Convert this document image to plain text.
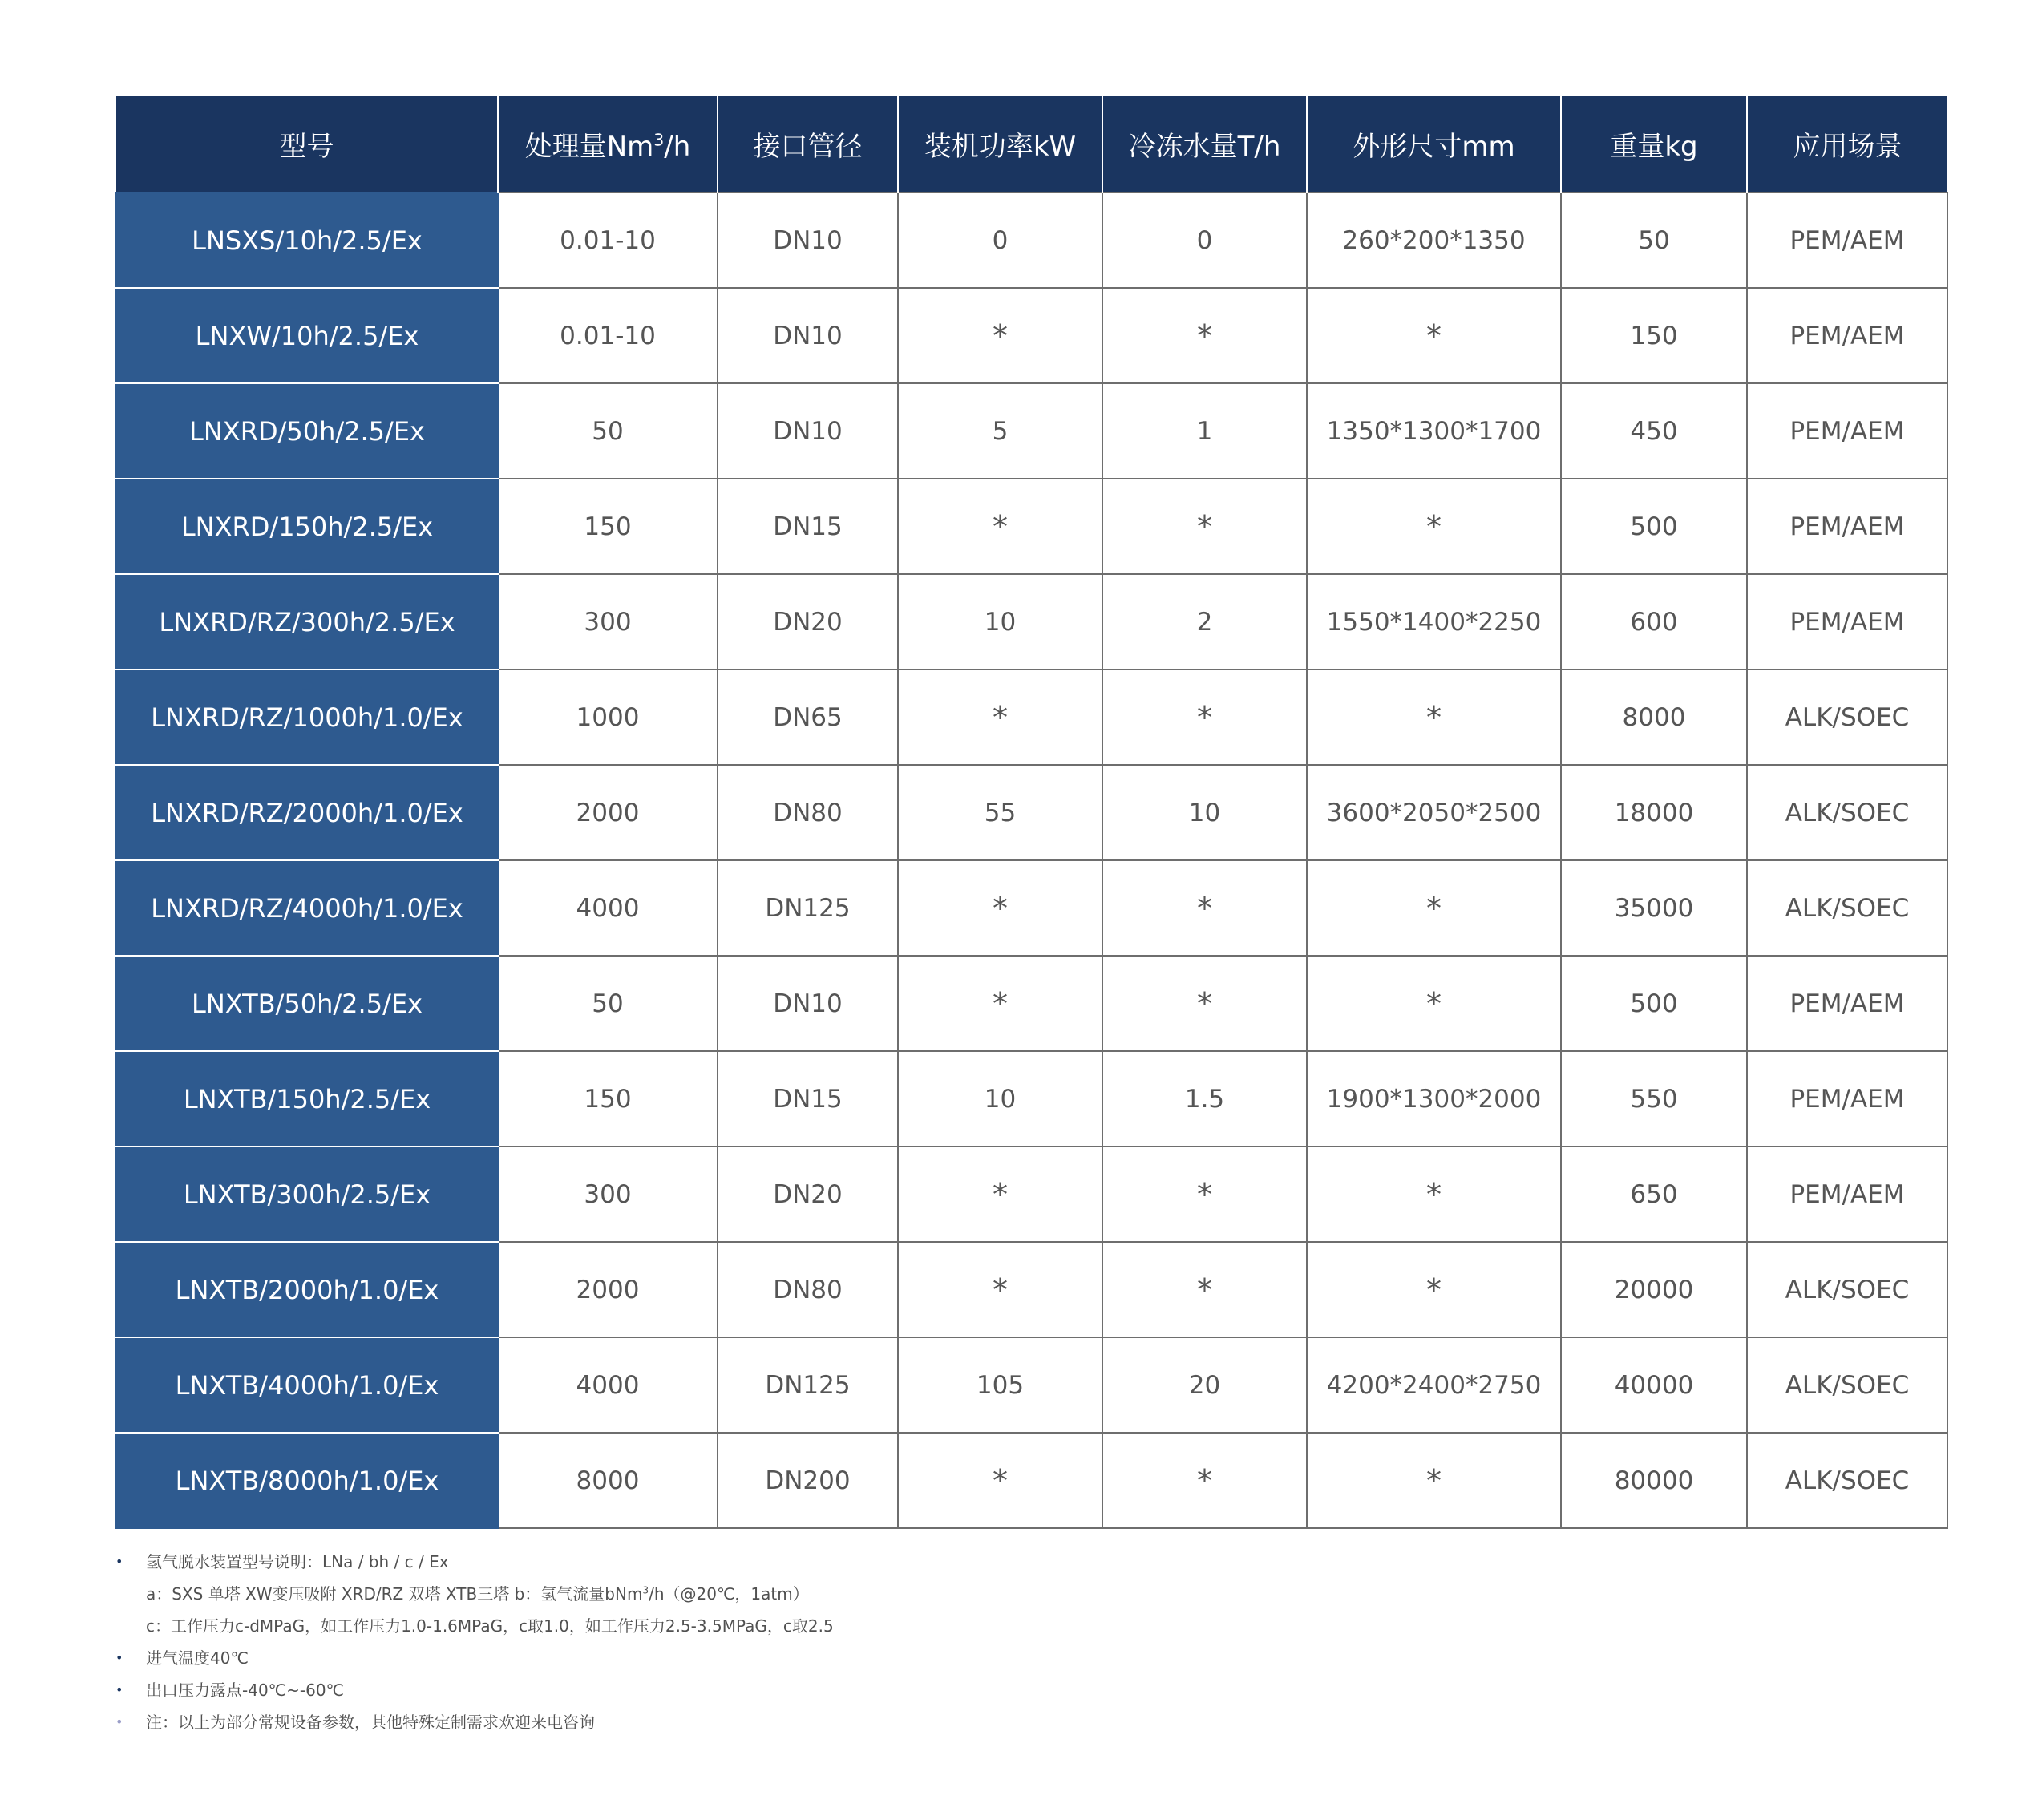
型号	处理量Nm$^3$/h	接口管径	装机功率kW	冷冻水量T/h	外形尺寸mm	重量kg	应用场景
LNSXS/10h/2.5/Ex	0.01-10	DN10	0	0	260*200*1350	50	PEM/AEM
LNXW/10h/2.5/Ex	0.01-10	DN10	*	*	*	150	PEM/AEM
LNXRD/50h/2.5/Ex	50	DN10	5	1	1350*1300*1700	450	PEM/AEM
LNXRD/150h/2.5/Ex	150	DN15	*	*	*	500	PEM/AEM
LNXRD/RZ/300h/2.5/Ex	300	DN20	10	2	1550*1400*2250	600	PEM/AEM
LNXRD/RZ/1000h/1.0/Ex	1000	DN65	*	*	*	8000	ALK/SOEC
LNXRD/RZ/2000h/1.0/Ex	2000	DN80	55	10	3600*2050*2500	18000	ALK/SOEC
LNXRD/RZ/4000h/1.0/Ex	4000	DN125	*	*	*	35000	ALK/SOEC
LNXTB/50h/2.5/Ex	50	DN10	*	*	*	500	PEM/AEM
LNXTB/150h/2.5/Ex	150	DN15	10	1.5	1900*1300*2000	550	PEM/AEM
LNXTB/300h/2.5/Ex	300	DN20	*	*	*	650	PEM/AEM
LNXTB/2000h/1.0/Ex	2000	DN80	*	*	*	20000	ALK/SOEC
LNXTB/4000h/1.0/Ex	4000	DN125	105	20	4200*2400*2750	40000	ALK/SOEC
LNXTB/8000h/1.0/Ex	8000	DN200	*	*	*	80000	ALK/SOEC
•	氢气脱水装置型号说明：LNa / bh / c / Ex
a：SXS 单塔 XW变压吸附 XRD/RZ 双塔 XTB三塔 b：氢气流量bNm$^3$/h（@20℃，1atm）
c：工作压力c-dMPaG，如工作压力1.0-1.6MPaG，c取1.0，如工作压力2.5-3.5MPaG，c取2.5
•	进气温度40℃
•	出口压力露点-40℃~-60℃
•	注：以上为部分常规设备参数，其他特殊定制需求欢迎来电咨询
